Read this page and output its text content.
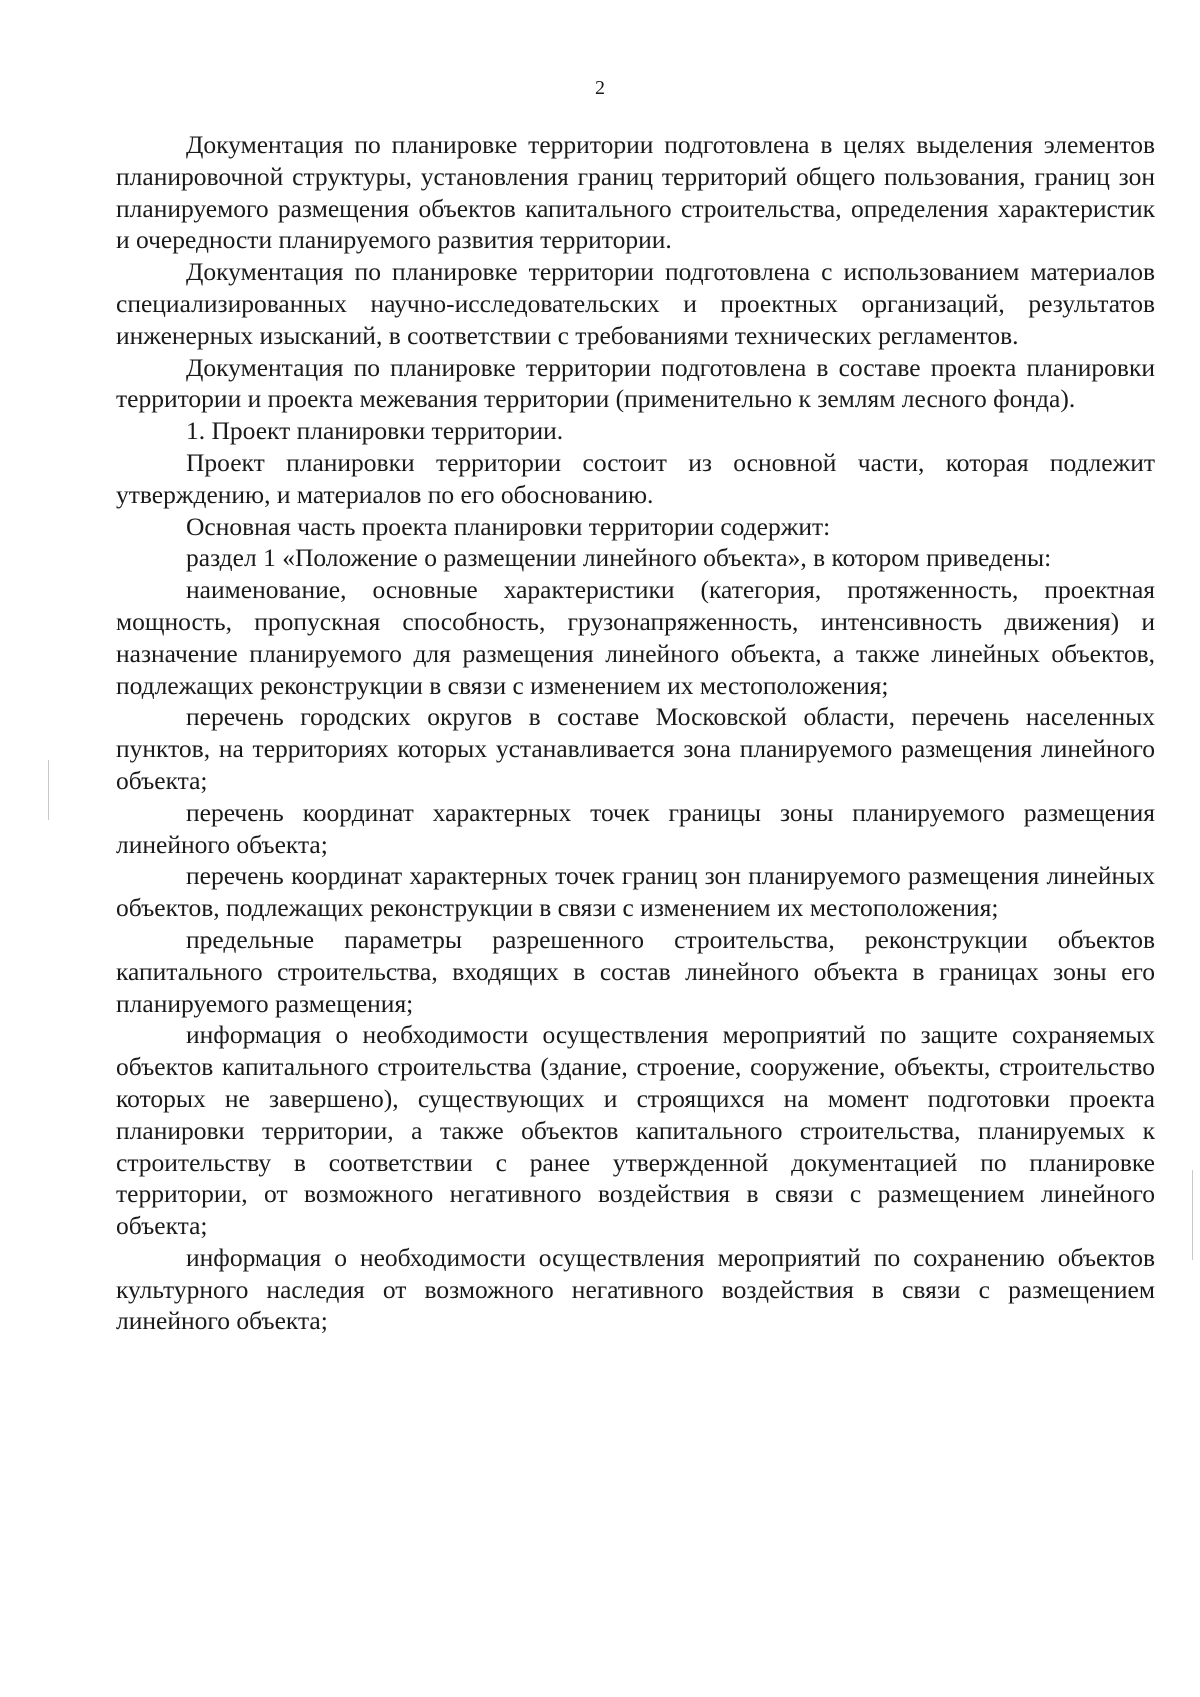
2

Документация по планировке территории подготовлена в целях выделения элементов планировочной структуры, установления границ территорий общего пользования, границ зон планируемого размещения объектов капитального строительства, определения характеристик и очередности планируемого развития территории.

Документация по планировке территории подготовлена с использованием материалов специализированных научно-исследовательских и проектных организаций, результатов инженерных изысканий, в соответствии с требованиями технических регламентов.

Документация по планировке территории подготовлена в составе проекта планировки территории и проекта межевания территории (применительно к землям лесного фонда).

1. Проект планировки территории.

Проект планировки территории состоит из основной части, которая подлежит утверждению, и материалов по его обоснованию.

Основная часть проекта планировки территории содержит:

раздел 1 «Положение о размещении линейного объекта», в котором приведены:

наименование, основные характеристики (категория, протяженность, проектная мощность, пропускная способность, грузонапряженность, интенсивность движения) и назначение планируемого для размещения линейного объекта, а также линейных объектов, подлежащих реконструкции в связи с изменением их местоположения;

перечень городских округов в составе Московской области, перечень населенных пунктов, на территориях которых устанавливается зона планируемого размещения линейного объекта;

перечень координат характерных точек границы зоны планируемого размещения линейного объекта;

перечень координат характерных точек границ зон планируемого размещения линейных объектов, подлежащих реконструкции в связи с изменением их местоположения;

предельные параметры разрешенного строительства, реконструкции объектов капитального строительства, входящих в состав линейного объекта в границах зоны его планируемого размещения;

информация о необходимости осуществления мероприятий по защите сохраняемых объектов капитального строительства (здание, строение, сооружение, объекты, строительство которых не завершено), существующих и строящихся на момент подготовки проекта планировки территории, а также объектов капитального строительства, планируемых к строительству в соответствии с ранее утвержденной документацией по планировке территории, от возможного негативного воздействия в связи с размещением линейного объекта;

информация о необходимости осуществления мероприятий по сохранению объектов культурного наследия от возможного негативного воздействия в связи с размещением линейного объекта;
